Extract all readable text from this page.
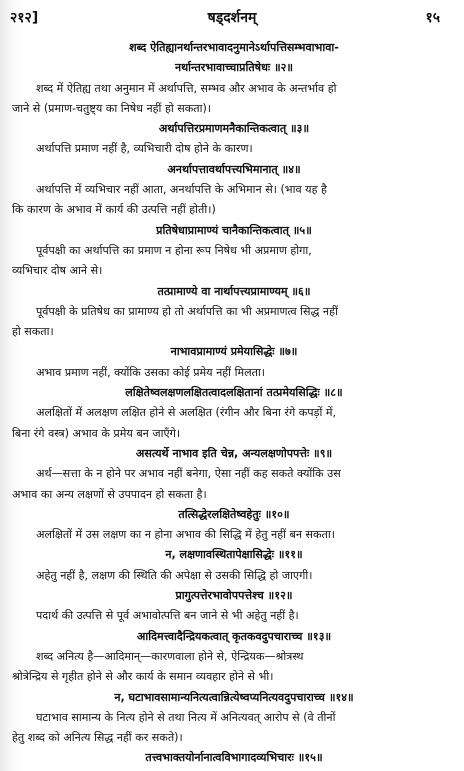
२१२]	षड्दर्शनम्	१५
शब्द ऐतिह्यानर्थान्तरभावादनुमानेऽर्थापत्तिसम्भवाभावा-
नर्थान्तरभावाच्चाप्रतिषेधः ॥२॥
शब्द में ऐतिह्य तथा अनुमान में अर्थापत्ति, सम्भव और अभाव के अन्तर्भाव हो
जाने से (प्रमाण-चतुष्ट्य का निषेध नहीं हो सकता)।
अर्थापत्तिरप्रमाणमनैकान्तिकत्वात् ॥३॥
अर्थापत्ति प्रमाण नहीं है, व्यभिचारी दोष होने के कारण।
अनर्थापत्तावर्थापत्त्यभिमानात् ॥४॥
अर्थापत्ति में व्यभिचार नहीं आता, अनर्थापत्ति के अभिमान से। (भाव यह है
कि कारण के अभाव में कार्य की उत्पत्ति नहीं होती।)
प्रतिषेधाप्रामाण्यं चानैकान्तिकत्वात् ॥५॥
पूर्वपक्षी का अर्थापत्ति का प्रमाण न होना रूप निषेध भी अप्रमाण होगा,
व्यभिचार दोष आने से।
तत्प्रामाण्ये वा नार्थापत्त्यप्रामाण्यम् ॥६॥
पूर्वपक्षी के प्रतिषेध का प्रामाण्य हो तो अर्थापत्ति का भी अप्रमाणत्व सिद्ध नहीं
हो सकता।
नाभावप्रामाण्यं प्रमेयासिद्धेः ॥७॥
अभाव प्रमाण नहीं, क्योंकि उसका कोई प्रमेय नहीं मिलता।
लक्षितेष्वलक्षणलक्षितत्वादलक्षितानां तत्प्रमेयसिद्धिः ॥८॥
अलक्षितों में अलक्षण लक्षित होने से अलक्षित (रंगीन और बिना रंगे कपड़ों में,
बिना रंगे वस्त्र) अभाव के प्रमेय बन जाएँगे।
असत्यर्थे नाभाव इति चेन्न, अन्यलक्षणोपपत्तेः ॥९॥
अर्थ—सत्ता के न होने पर अभाव नहीं बनेगा, ऐसा नहीं कह सकते क्योंकि उस
अभाव का अन्य लक्षणों से उपपादन हो सकता है।
तत्सिद्धेरलक्षितेष्वहेतुः ॥१०॥
अलक्षितों में उस लक्षण का न होना अभाव की सिद्धि में हेतु नहीं बन सकता।
न, लक्षणावस्थितापेक्षासिद्धेः ॥११॥
अहेतु नहीं है, लक्षण की स्थिति की अपेक्षा से उसकी सिद्धि हो जाएगी।
प्रागुत्पत्तेरभावोपपत्तेश्च ॥१२॥
पदार्थ की उत्पत्ति से पूर्व अभावोत्पत्ति बन जाने से भी अहेतु नहीं है।
आदिमत्त्वादैन्द्रियकत्वात् कृतकवदुपचाराच्च ॥१३॥
शब्द अनित्य है—आदिमान्—कारणवाला होने से, ऐन्द्रियक—श्रोत्रस्थ
श्रोत्रेन्द्रिय से गृहीत होने से और कार्य के समान व्यवहार होने से भी।
न, घटाभावसामान्यनित्यत्वान्नित्येष्वप्यनित्यवदुपचाराच्च ॥१४॥
घटाभाव सामान्य के नित्य होने से तथा नित्य में अनित्यवत् आरोप से (वे तीनों
हेतु शब्द को अनित्य सिद्ध नहीं कर सकते)।
तत्त्वभाक्तयोर्नानात्वविभागादव्यभिचारः ॥१५॥
